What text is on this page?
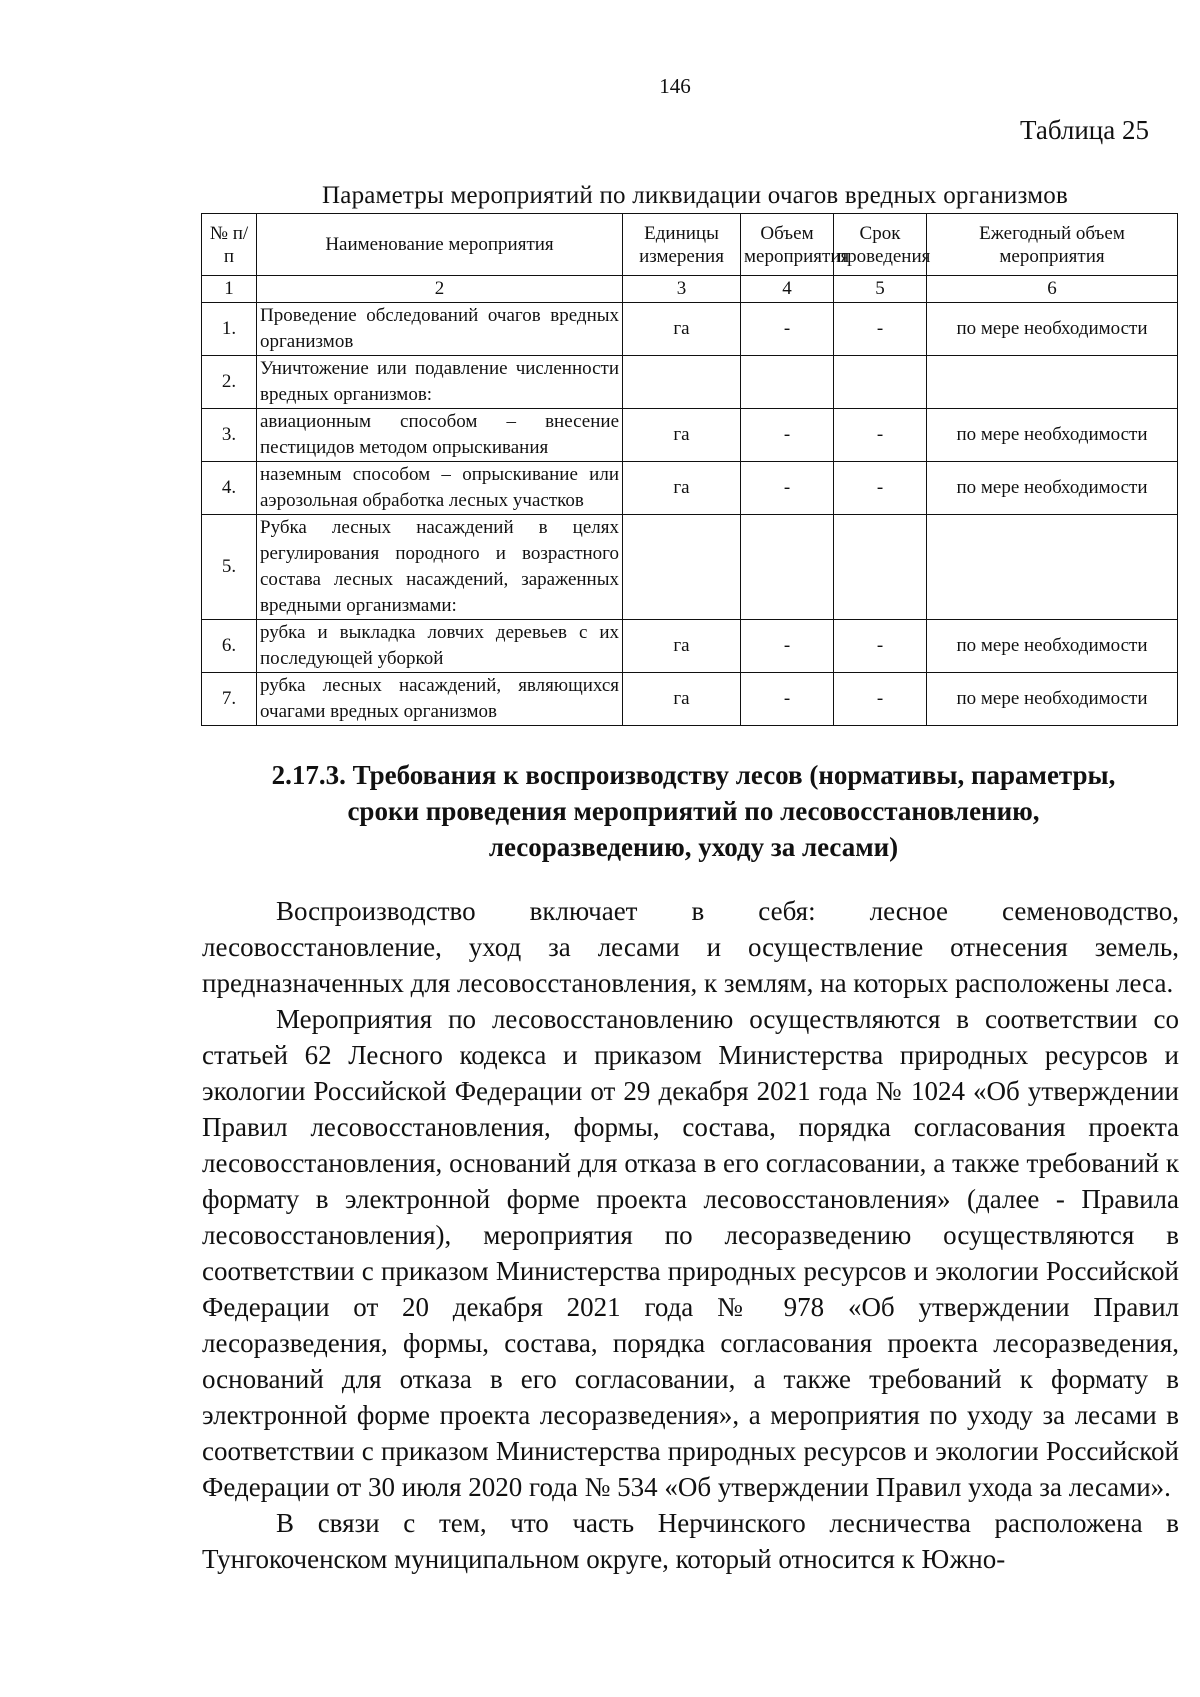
146
Таблица 25
Параметры мероприятий по ликвидации очагов вредных организмов
№ п/п	Наименование мероприятия	Единицы измерения	Объем мероприятия	Срок проведения	Ежегодный объем мероприятия
1	2	3	4	5	6
1.	Проведение обследований очагов вредных организмов	га	-	-	по мере необходимости
2.	Уничтожение или подавление численности вредных организмов:				
3.	авиационным способом – внесение пестицидов методом опрыскивания	га	-	-	по мере необходимости
4.	наземным способом – опрыскивание или аэрозольная обработка лесных участков	га	-	-	по мере необходимости
5.	Рубка лесных насаждений в целях регулирования породного и возрастного состава лесных насаждений, зараженных вредными организмами:				
6.	рубка и выкладка ловчих деревьев с их последующей уборкой	га	-	-	по мере необходимости
7.	рубка лесных насаждений, являющихся очагами вредных организмов	га	-	-	по мере необходимости
2.17.3. Требования к воспроизводству лесов (нормативы, параметры,
сроки проведения мероприятий по лесовосстановлению,
лесоразведению, уходу за лесами)

Воспроизводство включает в себя: лесное семеноводство, лесовосстановление, уход за лесами и осуществление отнесения земель, предназначенных для лесовосстановления, к землям, на которых расположены леса.

Мероприятия по лесовосстановлению осуществляются в соответствии со статьей 62 Лесного кодекса и приказом Министерства природных ресурсов и экологии Российской Федерации от 29 декабря 2021 года № 1024 «Об утверждении Правил лесовосстановления, формы, состава, порядка согласования проекта лесовосстановления, оснований для отказа в его согласовании, а также требований к формату в электронной форме проекта лесовосстановления» (далее - Правила лесовосстановления), мероприятия по лесоразведению осуществляются в соответствии с приказом Министерства природных ресурсов и экологии Российской Федерации от 20 декабря 2021 года № 978 «Об утверждении Правил лесоразведения, формы, состава, порядка согласования проекта лесоразведения, оснований для отказа в его согласовании, а также требований к формату в электронной форме проекта лесоразведения», а мероприятия по уходу за лесами в соответствии с приказом Министерства природных ресурсов и экологии Российской Федерации от 30 июля 2020 года № 534 «Об утверждении Правил ухода за лесами».

В связи с тем, что часть Нерчинского лесничества расположена в Тунгокоченском муниципальном округе, который относится к Южно-
